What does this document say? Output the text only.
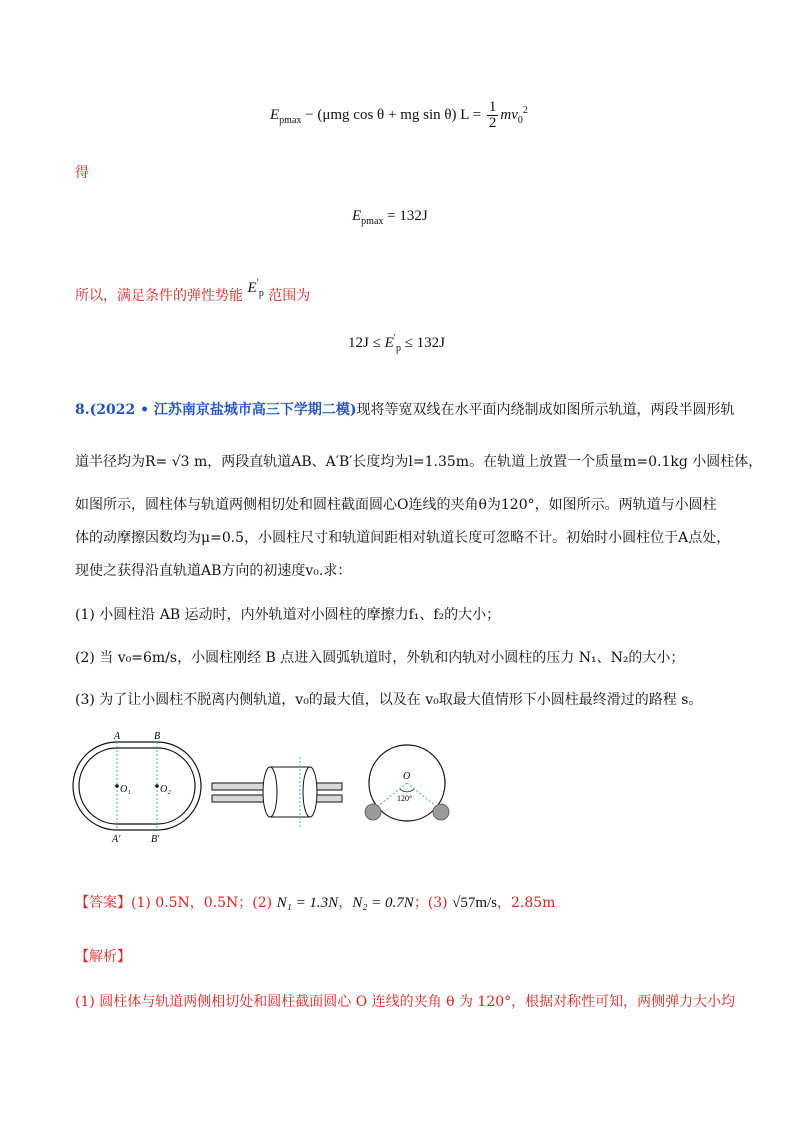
$E_{pmax} - (\mu mg$ cos θ + mg sin θ) $L = \frac{1}{2} mv_0^2$
得
$E_{pmax} = 132J$
所以，满足条件的弹性势能 $E'_p$ 范围为
$12J \le E'_p \le 132J$
8.(2022 • 江苏南京盐城市高三下学期二模)现将等宽双线在水平面内绕制成如图所示轨道，两段半圆形轨
道半径均为R= √3 m，两段直轨道AB、A′B′长度均为l=1.35m。在轨道上放置一个质量m=0.1kg 小圆柱体，
如图所示，圆柱体与轨道两侧相切处和圆柱截面圆心O连线的夹角θ为120°，如图所示。两轨道与小圆柱
体的动摩擦因数均为μ=0.5，小圆柱尺寸和轨道间距相对轨道长度可忽略不计。初始时小圆柱位于A点处，
现使之获得沿直轨道AB方向的初速度v₀.求：
(1) 小圆柱沿 AB 运动时，内外轨道对小圆柱的摩擦力f₁、f₂的大小；
(2) 当 v₀=6m/s，小圆柱刚经 B 点进入圆弧轨道时，外轨和内轨对小圆柱的压力 N₁、N₂的大小；
(3) 为了让小圆柱不脱离内侧轨道，v₀的最大值，以及在 v₀取最大值情形下小圆柱最终滑过的路程 s。
A	B
A′	B′
O₁	O₂
O
120°
【答案】(1) 0.5N，0.5N；(2) N₁ = 1.3N，N₂ = 0.7N；(3) √57m/s，2.85m
【解析】
(1) 圆柱体与轨道两侧相切处和圆柱截面圆心 O 连线的夹角 θ 为 120°，根据对称性可知，两侧弹力大小均
